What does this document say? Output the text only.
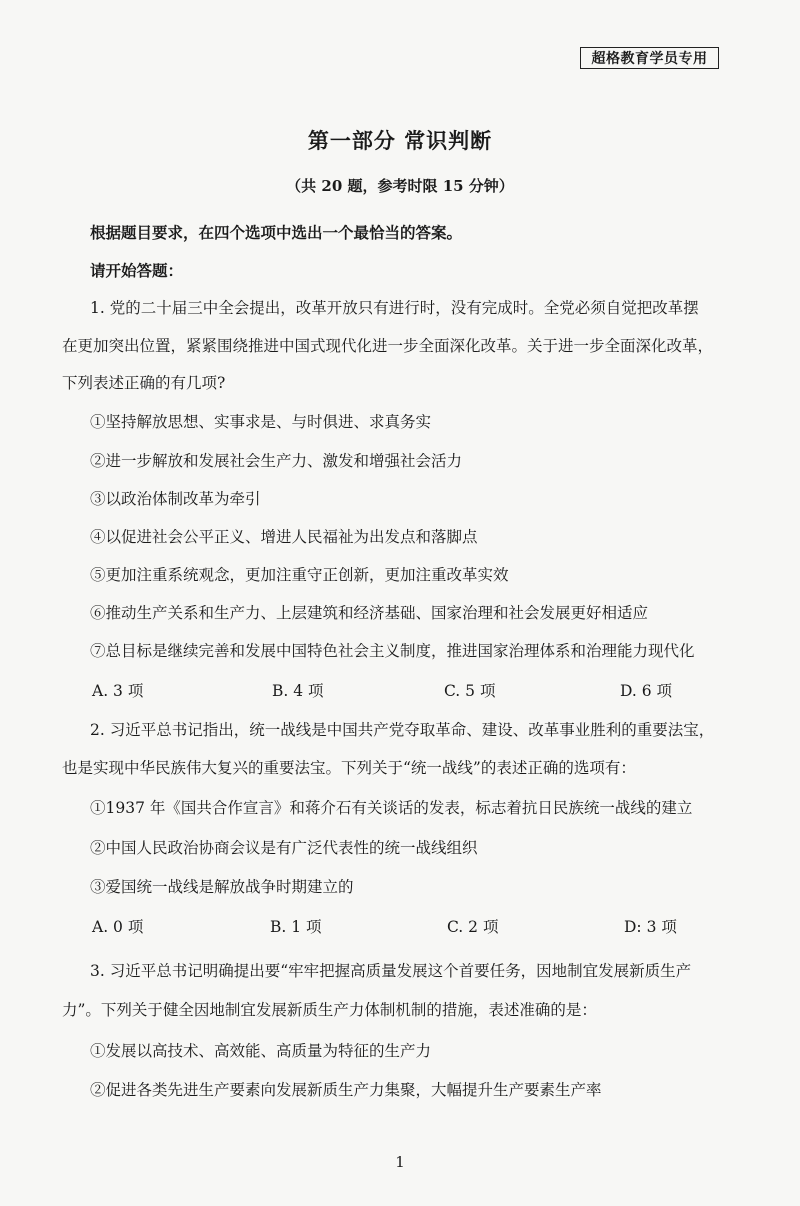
超格教育学员专用
第一部分 常识判断
（共 20 题，参考时限 15 分钟）
根据题目要求，在四个选项中选出一个最恰当的答案。
请开始答题：
1. 党的二十届三中全会提出，改革开放只有进行时，没有完成时。全党必须自觉把改革摆
在更加突出位置，紧紧围绕推进中国式现代化进一步全面深化改革。关于进一步全面深化改革，
下列表述正确的有几项?
①坚持解放思想、实事求是、与时俱进、求真务实
②进一步解放和发展社会生产力、激发和增强社会活力
③以政治体制改革为牵引
④以促进社会公平正义、增进人民福祉为出发点和落脚点
⑤更加注重系统观念，更加注重守正创新，更加注重改革实效
⑥推动生产关系和生产力、上层建筑和经济基础、国家治理和社会发展更好相适应
⑦总目标是继续完善和发展中国特色社会主义制度，推进国家治理体系和治理能力现代化
A. 3 项	B. 4 项	C. 5 项	D. 6 项
2. 习近平总书记指出，统一战线是中国共产党夺取革命、建设、改革事业胜利的重要法宝，
也是实现中华民族伟大复兴的重要法宝。下列关于“统一战线”的表述正确的选项有：
①1937 年《国共合作宣言》和蒋介石有关谈话的发表，标志着抗日民族统一战线的建立
②中国人民政治协商会议是有广泛代表性的统一战线组织
③爱国统一战线是解放战争时期建立的
A. 0 项	B. 1 项	C. 2 项	D: 3 项
3. 习近平总书记明确提出要“牢牢把握高质量发展这个首要任务，因地制宜发展新质生产
力”。下列关于健全因地制宜发展新质生产力体制机制的措施，表述准确的是：
①发展以高技术、高效能、高质量为特征的生产力
②促进各类先进生产要素向发展新质生产力集聚，大幅提升生产要素生产率
1
